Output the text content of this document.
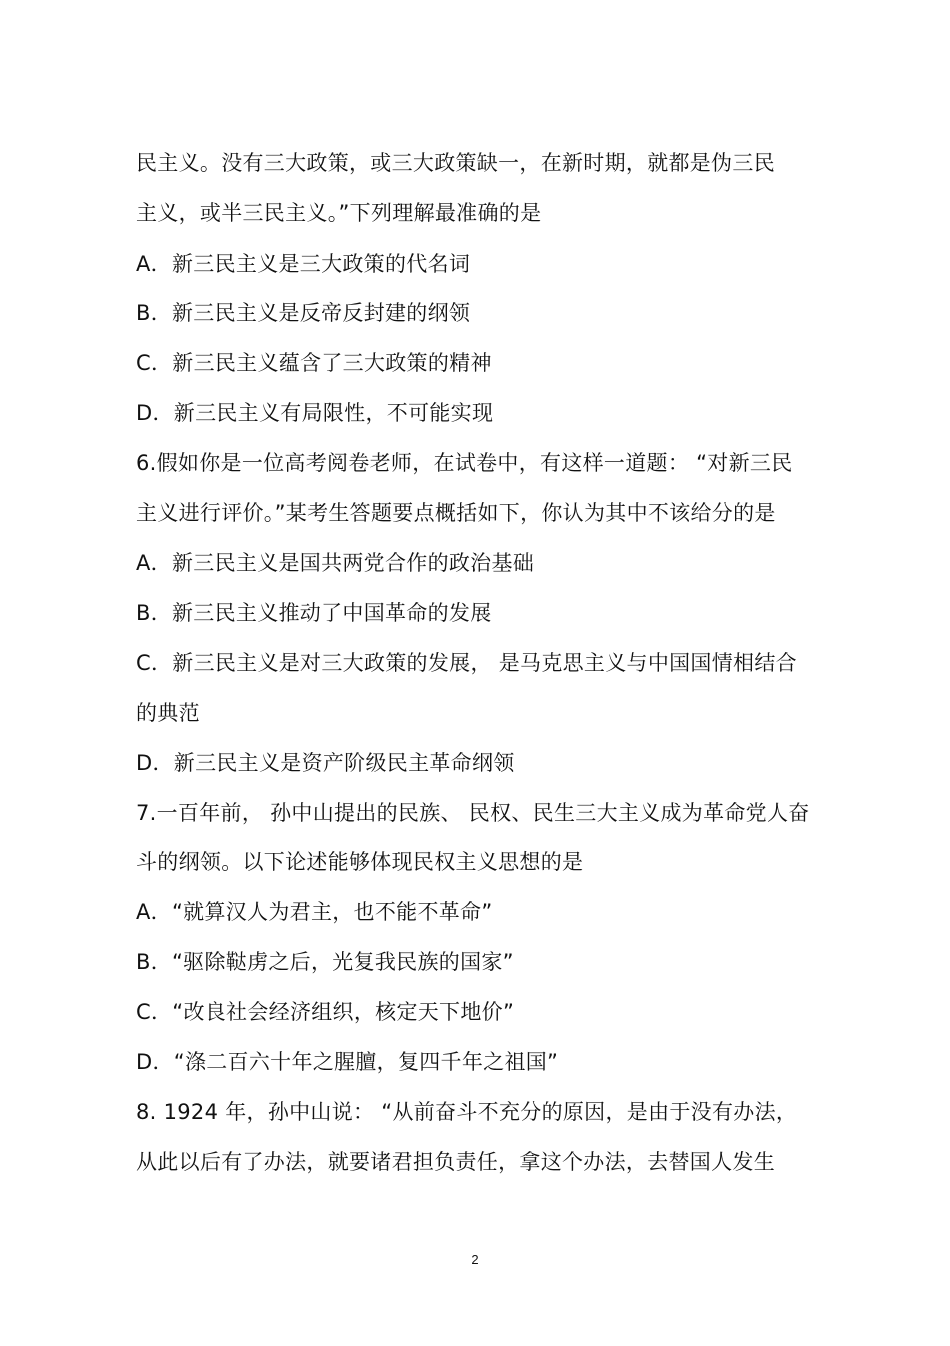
民主义。没有三大政策，或三大政策缺一，在新时期，就都是伪三民
主义，或半三民主义。”下列理解最准确的是
A．新三民主义是三大政策的代名词
B．新三民主义是反帝反封建的纲领
C．新三民主义蕴含了三大政策的精神
D．新三民主义有局限性，不可能实现
6.假如你是一位高考阅卷老师，在试卷中，有这样一道题： “对新三民
主义进行评价。”某考生答题要点概括如下，你认为其中不该给分的是
A．新三民主义是国共两党合作的政治基础
B．新三民主义推动了中国革命的发展
C．新三民主义是对三大政策的发展， 是马克思主义与中国国情相结合
的典范
D．新三民主义是资产阶级民主革命纲领
7.一百年前， 孙中山提出的民族、 民权、民生三大主义成为革命党人奋
斗的纲领。以下论述能够体现民权主义思想的是
A．“就算汉人为君主，也不能不革命”
B．“驱除鞑虏之后，光复我民族的国家”
C．“改良社会经济组织，核定天下地价”
D．“涤二百六十年之腥膻，复四千年之祖国”
8. 1924 年，孙中山说： “从前奋斗不充分的原因，是由于没有办法，
从此以后有了办法，就要诸君担负责任，拿这个办法，去替国人发生
2
